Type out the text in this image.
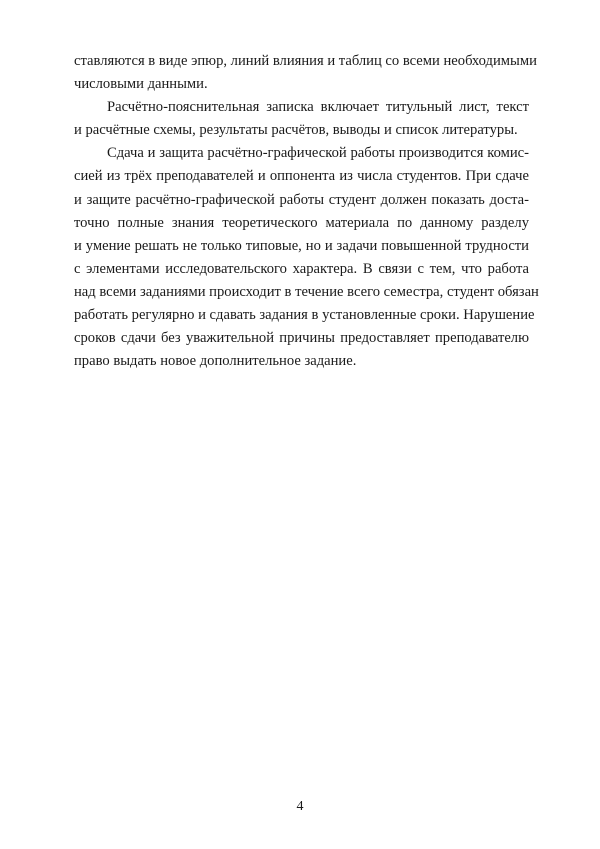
ставляются в виде эпюр, линий влияния и таблиц со всеми необходимыми
числовыми данными.

Расчётно-пояснительная записка включает титульный лист, текст
и расчётные схемы, результаты расчётов, выводы и список литературы.

Сдача и защита расчётно-графической работы производится комис-
сией из трёх преподавателей и оппонента из числа студентов. При сдаче
и защите расчётно-графической работы студент должен показать доста-
точно полные знания теоретического материала по данному разделу
и умение решать не только типовые, но и задачи повышенной трудности
с элементами исследовательского характера. В связи с тем, что работа
над всеми заданиями происходит в течение всего семестра, студент обязан
работать регулярно и сдавать задания в установленные сроки. Нарушение
сроков сдачи без уважительной причины предоставляет преподавателю
право выдать новое дополнительное задание.

4
